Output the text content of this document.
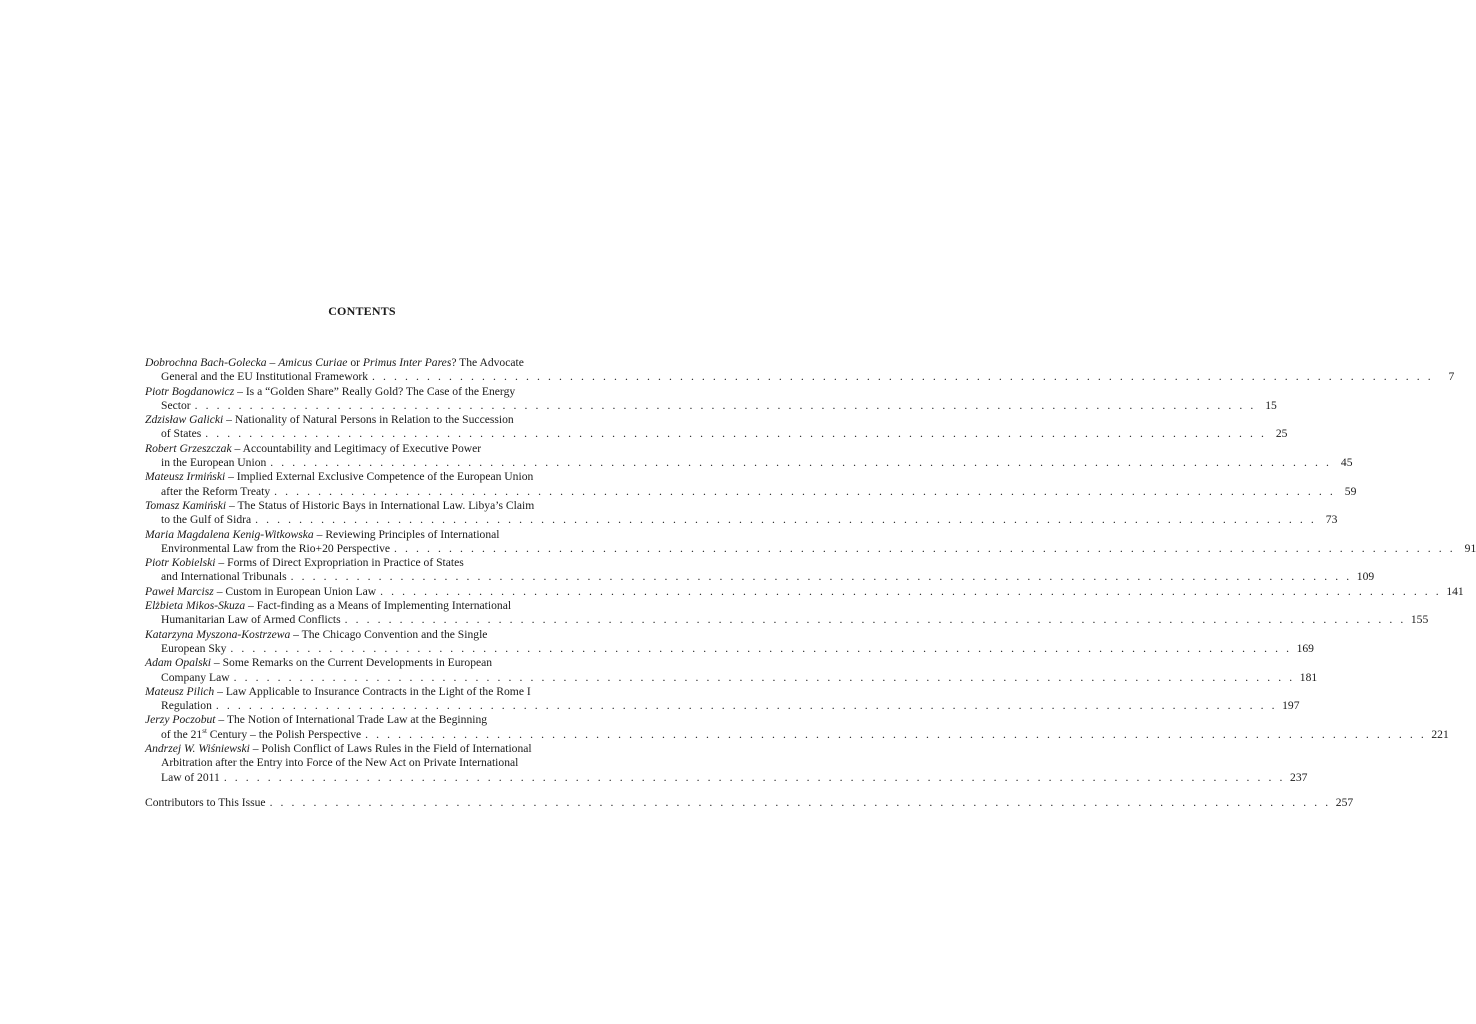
CONTENTS
Dobrochna Bach-Golecka – Amicus Curiae or Primus Inter Pares? The Advocate
General and the EU Institutional Framework . . . . . . . . . . . . . . . . . . . . . . . . . . . . . . . . . . . . . . . . . . . . . . . . . . . . . . . . . . . . . . . . . . . . . . . . . . . . . . . . . . . . . . . . . . . . . . . . .	7
Piotr Bogdanowicz – Is a “Golden Share” Really Gold? The Case of the Energy
Sector . . . . . . . . . . . . . . . . . . . . . . . . . . . . . . . . . . . . . . . . . . . . . . . . . . . . . . . . . . . . . . . . . . . . . . . . . . . . . . . . . . . . . . . . . . . . . . . . . 15
Zdzisław Galicki – Nationality of Natural Persons in Relation to the Succession
of States . . . . . . . . . . . . . . . . . . . . . . . . . . . . . . . . . . . . . . . . . . . . . . . . . . . . . . . . . . . . . . . . . . . . . . . . . . . . . . . . . . . . . . . . . . . . . . . . . 25
Robert Grzeszczak – Accountability and Legitimacy of Executive Power
in the European Union . . . . . . . . . . . . . . . . . . . . . . . . . . . . . . . . . . . . . . . . . . . . . . . . . . . . . . . . . . . . . . . . . . . . . . . . . . . . . . . . . . . . . . . . . . . . . . . . . 45
Mateusz Irmiński – Implied External Exclusive Competence of the European Union
after the Reform Treaty . . . . . . . . . . . . . . . . . . . . . . . . . . . . . . . . . . . . . . . . . . . . . . . . . . . . . . . . . . . . . . . . . . . . . . . . . . . . . . . . . . . . . . . . . . . . . . . . . 59
Tomasz Kamiński – The Status of Historic Bays in International Law. Libya’s Claim
to the Gulf of Sidra . . . . . . . . . . . . . . . . . . . . . . . . . . . . . . . . . . . . . . . . . . . . . . . . . . . . . . . . . . . . . . . . . . . . . . . . . . . . . . . . . . . . . . . . . . . . . . . . . 73
Maria Magdalena Kenig-Witkowska – Reviewing Principles of International
Environmental Law from the Rio+20 Perspective . . . . . . . . . . . . . . . . . . . . . . . . . . . . . . . . . . . . . . . . . . . . . . . . . . . . . . . . . . . . . . . . . . . . . . . . . . . . . . . . . . . . . . . . . . . . . . . . . 91
Piotr Kobielski – Forms of Direct Expropriation in Practice of States
and International Tribunals . . . . . . . . . . . . . . . . . . . . . . . . . . . . . . . . . . . . . . . . . . . . . . . . . . . . . . . . . . . . . . . . . . . . . . . . . . . . . . . . . . . . . . . . . . . . . . . . . 109
Paweł Marcisz – Custom in European Union Law . . . . . . . . . . . . . . . . . . . . . . . . . . . . . . . . . . . . . . . . . . . . . . . . . . . . . . . . . . . . . . . . . . . . . . . . . . . . . . . . . . . . . . . . . . . . . . . . . 141
Elżbieta Mikos-Skuza – Fact-finding as a Means of Implementing International
Humanitarian Law of Armed Conflicts . . . . . . . . . . . . . . . . . . . . . . . . . . . . . . . . . . . . . . . . . . . . . . . . . . . . . . . . . . . . . . . . . . . . . . . . . . . . . . . . . . . . . . . . . . . . . . . . . 155
Katarzyna Myszona-Kostrzewa – The Chicago Convention and the Single
European Sky . . . . . . . . . . . . . . . . . . . . . . . . . . . . . . . . . . . . . . . . . . . . . . . . . . . . . . . . . . . . . . . . . . . . . . . . . . . . . . . . . . . . . . . . . . . . . . . . . 169
Adam Opalski – Some Remarks on the Current Developments in European
Company Law . . . . . . . . . . . . . . . . . . . . . . . . . . . . . . . . . . . . . . . . . . . . . . . . . . . . . . . . . . . . . . . . . . . . . . . . . . . . . . . . . . . . . . . . . . . . . . . . . 181
Mateusz Pilich – Law Applicable to Insurance Contracts in the Light of the Rome I
Regulation . . . . . . . . . . . . . . . . . . . . . . . . . . . . . . . . . . . . . . . . . . . . . . . . . . . . . . . . . . . . . . . . . . . . . . . . . . . . . . . . . . . . . . . . . . . . . . . . . 197
Jerzy Poczobut – The Notion of International Trade Law at the Beginning
of the 21st Century – the Polish Perspective . . . . . . . . . . . . . . . . . . . . . . . . . . . . . . . . . . . . . . . . . . . . . . . . . . . . . . . . . . . . . . . . . . . . . . . . . . . . . . . . . . . . . . . . . . . . . . . . . 221
Andrzej W. Wiśniewski – Polish Conflict of Laws Rules in the Field of International
Arbitration after the Entry into Force of the New Act on Private International
Law of 2011 . . . . . . . . . . . . . . . . . . . . . . . . . . . . . . . . . . . . . . . . . . . . . . . . . . . . . . . . . . . . . . . . . . . . . . . . . . . . . . . . . . . . . . . . . . . . . . . . . 237
Contributors to This Issue . . . . . . . . . . . . . . . . . . . . . . . . . . . . . . . . . . . . . . . . . . . . . . . . . . . . . . . . . . . . . . . . . . . . . . . . . . . . . . . . . . . . . . . . . . . . . . . . . 257
